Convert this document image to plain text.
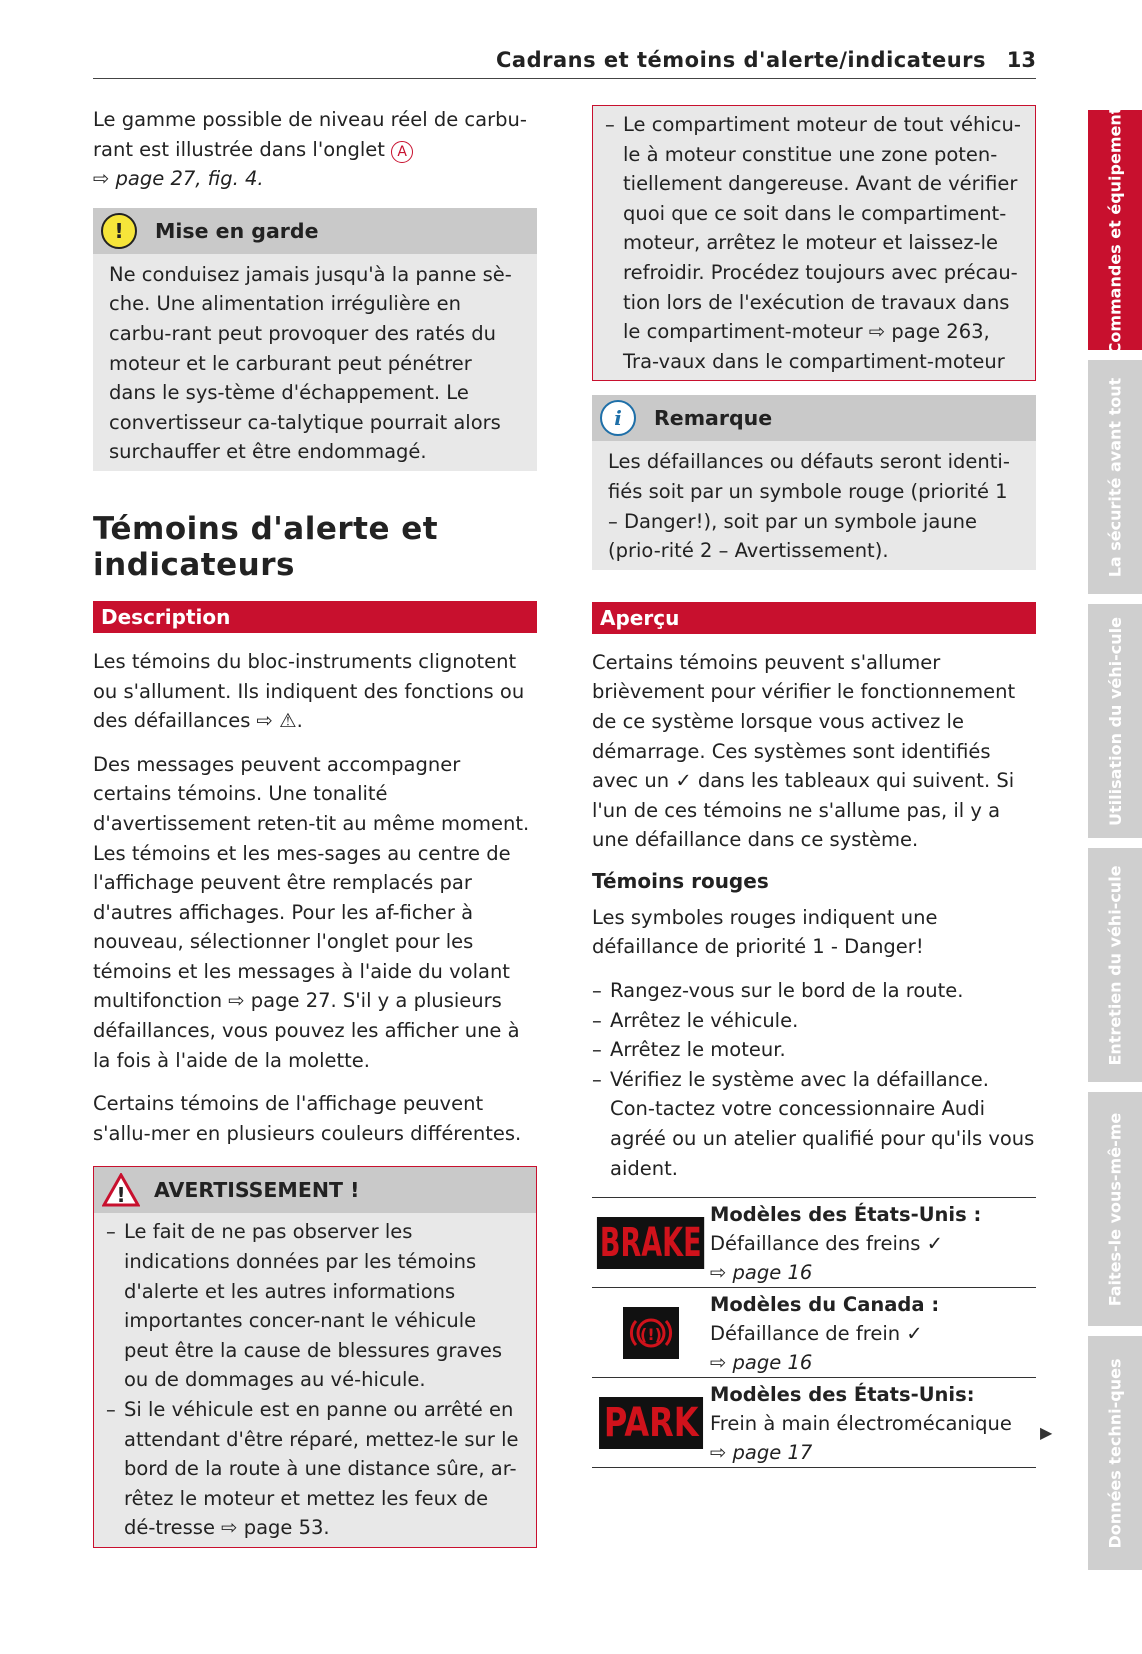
Cadrans et témoins d'alerte/indicateurs 13

Le gamme possible de niveau réel de carbu-rant est illustrée dans l'onglet A
⇨ page 27, fig. 4.

!	Mise en garde
Ne conduisez jamais jusqu'à la panne sè-che. Une alimentation irrégulière en carbu-rant peut provoquer des ratés du moteur et le carburant peut pénétrer dans le sys-tème d'échappement. Le convertisseur ca-talytique pourrait alors surchauffer et être endommagé.
Témoins d'alerte et indicateurs
Description

Les témoins du bloc-instruments clignotent ou s'allument. Ils indiquent des fonctions ou des défaillances ⇨ ⚠.

Des messages peuvent accompagner certains témoins. Une tonalité d'avertissement reten-tit au même moment. Les témoins et les mes-sages au centre de l'affichage peuvent être remplacés par d'autres affichages. Pour les af-ficher à nouveau, sélectionner l'onglet pour les témoins et les messages à l'aide du volant multifonction ⇨ page 27. S'il y a plusieurs défaillances, vous pouvez les afficher une à la fois à l'aide de la molette.

Certains témoins de l'affichage peuvent s'allu-mer en plusieurs couleurs différentes.

! AVERTISSEMENT !
– Le fait de ne pas observer les indications données par les témoins d'alerte et les autres informations importantes concer-nant le véhicule peut être la cause de blessures graves ou de dommages au vé-hicule.
– Si le véhicule est en panne ou arrêté en attendant d'être réparé, mettez-le sur le bord de la route à une distance sûre, ar-rêtez le moteur et mettez les feux de dé-tresse ⇨ page 53.
– Le compartiment moteur de tout véhicu-le à moteur constitue une zone poten-tiellement dangereuse. Avant de vérifier quoi que ce soit dans le compartiment-moteur, arrêtez le moteur et laissez-le refroidir. Procédez toujours avec précau-tion lors de l'exécution de travaux dans le compartiment-moteur ⇨ page 263, Tra-vaux dans le compartiment-moteur
i	Remarque
Les défaillances ou défauts seront identi-fiés soit par un symbole rouge (priorité 1 – Danger!), soit par un symbole jaune (prio-rité 2 – Avertissement).
Aperçu

Certains témoins peuvent s'allumer brièvement pour vérifier le fonctionnement de ce système lorsque vous activez le démarrage. Ces systèmes sont identifiés avec un ✓ dans les tableaux qui suivent. Si l'un de ces témoins ne s'allume pas, il y a une défaillance dans ce système.

Témoins rouges

Les symboles rouges indiquent une défaillance de priorité 1 - Danger!

– Rangez-vous sur le bord de la route.
– Arrêtez le véhicule.
– Arrêtez le moteur.
– Vérifiez le système avec la défaillance. Con-tactez votre concessionnaire Audi agréé ou un atelier qualifié pour qu'ils vous aident.
BRAKE
Modèles des États-Unis :
Défaillance des freins ✓
⇨ page 16
(!)
Modèles du Canada :
Défaillance de frein ✓
⇨ page 16
PARK
Modèles des États-Unis:
Frein à main électromécanique
⇨ page 17
▶
Commandes et équipement
La sécurité avant tout
Utilisation du véhi-cule
Entretien du véhi-cule
Faites-le vous-mê-me
Données techni-ques
